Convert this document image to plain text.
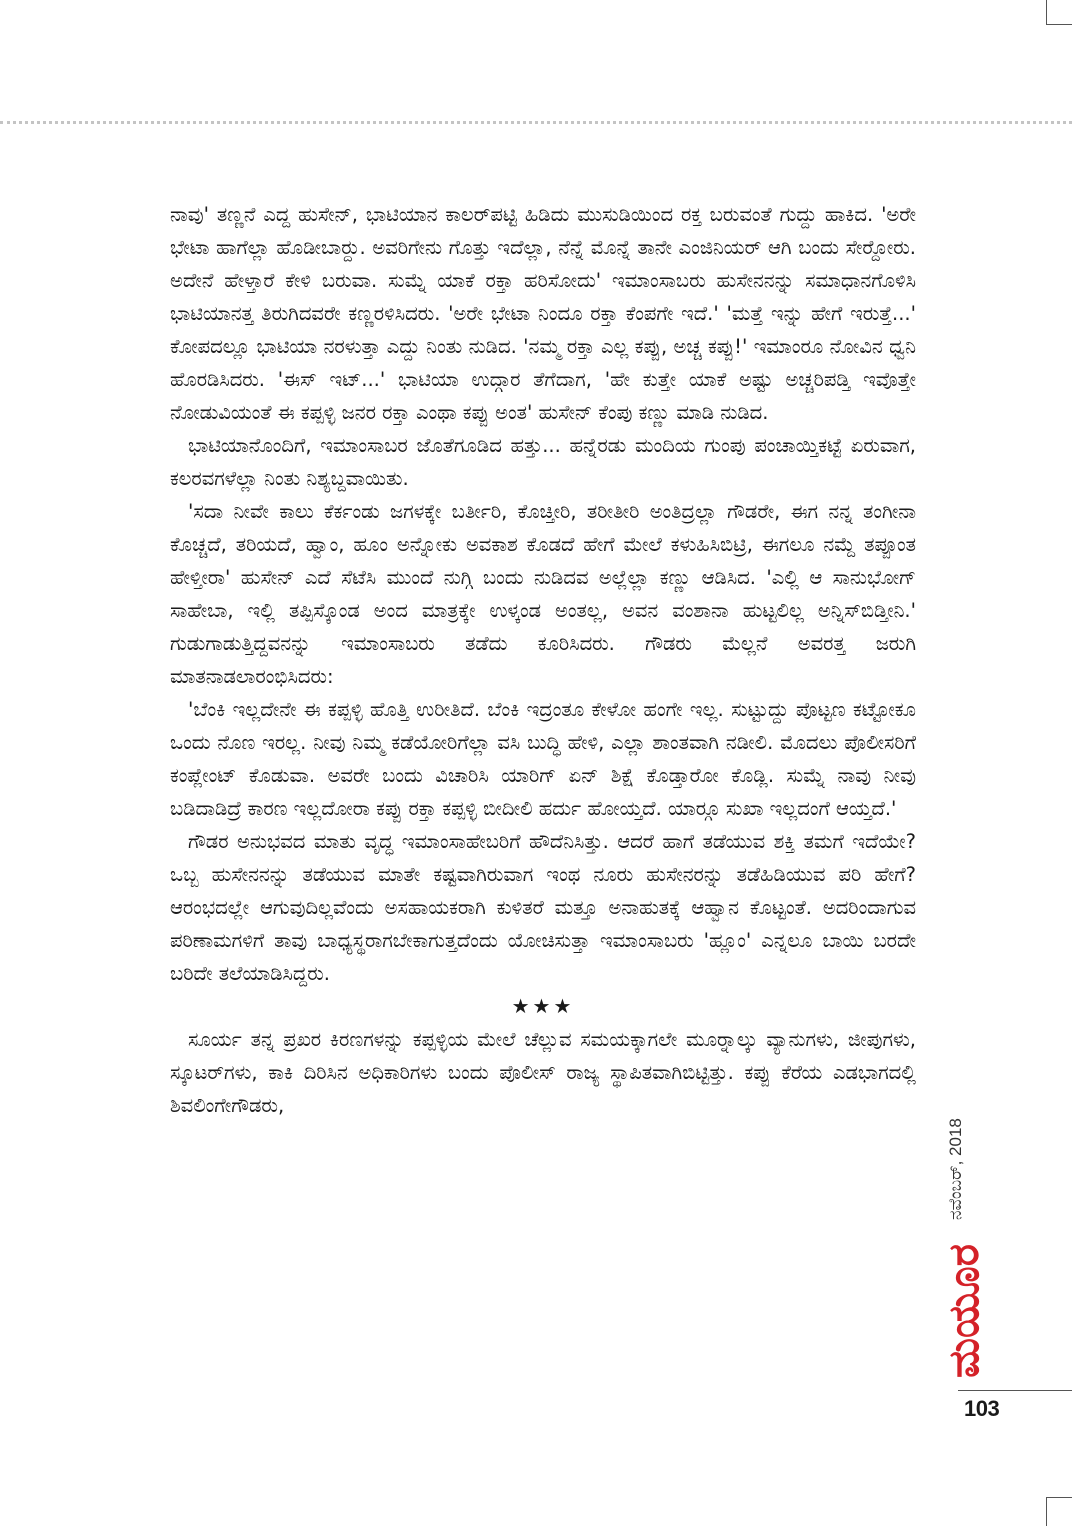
ನಾವು' ತಣ್ಣನೆ ಎದ್ದ ಹುಸೇನ್, ಭಾಟಿಯಾನ ಕಾಲರ್‌ಪಟ್ಟಿ ಹಿಡಿದು ಮುಸುಡಿಯಿಂದ ರಕ್ತ ಬರುವಂತೆ ಗುದ್ದು ಹಾಕಿದ. 'ಅರೇ ಭೇಟಾ ಹಾಗೆಲ್ಲಾ ಹೊಡೀಬಾರ್‍ದು. ಅವರಿಗೇನು ಗೊತ್ತು ಇದೆಲ್ಲಾ, ನೆನ್ನೆ ಮೊನ್ನೆ ತಾನೇ ಎಂಜಿನಿಯರ್ ಆಗಿ ಬಂದು ಸೇರ್‍ದೋರು. ಅದೇನೆ ಹೇಳ್ತಾರೆ ಕೇಳಿ ಬರುವಾ. ಸುಮ್ನೆ ಯಾಕೆ ರಕ್ತಾ ಹರಿಸೋದು' ಇಮಾಂಸಾಬರು ಹುಸೇನನನ್ನು ಸಮಾಧಾನಗೊಳಿಸಿ ಭಾಟಿಯಾನತ್ತ ತಿರುಗಿದವರೇ ಕಣ್ಣರಳಿಸಿದರು. 'ಅರೇ ಭೇಟಾ ನಿಂದೂ ರಕ್ತಾ ಕೆಂಪಗೇ ಇದೆ.' 'ಮತ್ತೆ ಇನ್ನು ಹೇಗೆ ಇರುತ್ತೆ...' ಕೋಪದಲ್ಲೂ ಭಾಟಿಯಾ ನರಳುತ್ತಾ ಎದ್ದು ನಿಂತು ನುಡಿದ. 'ನಮ್ಮ ರಕ್ತಾ ಎಲ್ಲ ಕಪ್ಪು, ಅಚ್ಚ ಕಪ್ಪು!' ಇಮಾಂರೂ ನೋವಿನ ಧ್ವನಿ ಹೊರಡಿಸಿದರು. 'ಈಸ್ ಇಟ್...' ಭಾಟಿಯಾ ಉದ್ಗಾರ ತೆಗೆದಾಗ, 'ಹೇ ಕುತ್ತೇ ಯಾಕೆ ಅಷ್ಟು ಅಚ್ಚರಿಪಡ್ತಿ ಇವೊತ್ತೇ ನೋಡುವಿಯಂತೆ ಈ ಕಪ್ಪಳ್ಳಿ ಜನರ ರಕ್ತಾ ಎಂಥಾ ಕಪ್ಪು ಅಂತ' ಹುಸೇನ್ ಕೆಂಪು ಕಣ್ಣು ಮಾಡಿ ನುಡಿದ.

ಭಾಟಿಯಾನೊಂದಿಗೆ, ಇಮಾಂಸಾಬರ ಜೊತೆಗೂಡಿದ ಹತ್ತು... ಹನ್ನೆರಡು ಮಂದಿಯ ಗುಂಪು ಪಂಚಾಯ್ತಿಕಟ್ಟೆ ಏರುವಾಗ, ಕಲರವಗಳೆಲ್ಲಾ ನಿಂತು ನಿಶ್ಯಬ್ದವಾಯಿತು.

'ಸದಾ ನೀವೇ ಕಾಲು ಕೆರ್ಕಂಡು ಜಗಳಕ್ಕೇ ಬರ್ತೀರಿ, ಕೊಚ್ತೀರಿ, ತರೀತೀರಿ ಅಂತಿದ್ರಲ್ಲಾ ಗೌಡರೇ, ಈಗ ನನ್ನ ತಂಗೀನಾ ಕೊಚ್ಚದೆ, ತರಿಯದೆ, ಹ್ವಾಂ, ಹೂಂ ಅನ್ನೋಕು ಅವಕಾಶ ಕೊಡದೆ ಹೇಗೆ ಮೇಲೆ ಕಳುಹಿಸಿಬಿಟ್ರಿ, ಈಗಲೂ ನಮ್ದೆ ತಪ್ಪೂಂತ ಹೇಳ್ತೀರಾ' ಹುಸೇನ್ ಎದೆ ಸೆಟೆಸಿ ಮುಂದೆ ನುಗ್ಗಿ ಬಂದು ನುಡಿದವ ಅಲ್ಲೆಲ್ಲಾ ಕಣ್ಣು ಆಡಿಸಿದ. 'ಎಲ್ಲಿ ಆ ಸಾನುಭೋಗ್ ಸಾಹೇಬಾ, ಇಲ್ಲಿ ತಪ್ಪಿಸ್ಕೊಂಡ ಅಂದ ಮಾತ್ರಕ್ಕೇ ಉಳ್ಕಂಡ ಅಂತಲ್ಲ, ಅವನ ವಂಶಾನಾ ಹುಟ್ಟಲಿಲ್ಲ ಅನ್ನಿಸ್‌ಬಿಡ್ತೀನಿ.' ಗುಡುಗಾಡುತ್ತಿದ್ದವನನ್ನು ಇಮಾಂಸಾಬರು ತಡೆದು ಕೂರಿಸಿದರು. ಗೌಡರು ಮೆಲ್ಲನೆ ಅವರತ್ತ ಜರುಗಿ ಮಾತನಾಡಲಾರಂಭಿಸಿದರು:

'ಬೆಂಕಿ ಇಲ್ಲದೇನೇ ಈ ಕಪ್ಪಳ್ಳಿ ಹೊತ್ತಿ ಉರೀತಿದೆ. ಬೆಂಕಿ ಇದ್ರಂತೂ ಕೇಳೋ ಹಂಗೇ ಇಲ್ಲ. ಸುಟ್ಟುದ್ದು ಪೊಟ್ಟಣ ಕಟ್ಟೋಕೂ ಒಂದು ನೊಣ ಇರಲ್ಲ. ನೀವು ನಿಮ್ಮ ಕಡೆಯೋರಿಗೆಲ್ಲಾ ವಸಿ ಬುದ್ಧಿ ಹೇಳಿ, ಎಲ್ಲಾ ಶಾಂತವಾಗಿ ನಡೀಲಿ. ಮೊದಲು ಪೊಲೀಸರಿಗೆ ಕಂಪ್ಲೇಂಟ್ ಕೊಡುವಾ. ಅವರೇ ಬಂದು ವಿಚಾರಿಸಿ ಯಾರಿಗ್ ಏನ್ ಶಿಕ್ಷೆ ಕೊಡ್ತಾರೋ ಕೊಡ್ಲಿ. ಸುಮ್ನೆ ನಾವು ನೀವು ಬಡಿದಾಡಿದ್ರೆ ಕಾರಣ ಇಲ್ಲದೋರಾ ಕಪ್ಪು ರಕ್ತಾ ಕಪ್ಪಳ್ಳಿ ಬೀದೀಲಿ ಹರ್ದು ಹೋಯ್ತದೆ. ಯಾರ್‍ಗೂ ಸುಖಾ ಇಲ್ಲದಂಗೆ ಆಯ್ತದೆ.'

ಗೌಡರ ಅನುಭವದ ಮಾತು ವೃದ್ಧ ಇಮಾಂಸಾಹೇಬರಿಗೆ ಹೌದೆನಿಸಿತ್ತು. ಆದರೆ ಹಾಗೆ ತಡೆಯುವ ಶಕ್ತಿ ತಮಗೆ ಇದೆಯೇ? ಒಬ್ಬ ಹುಸೇನನನ್ನು ತಡೆಯುವ ಮಾತೇ ಕಷ್ಟವಾಗಿರುವಾಗ ಇಂಥ ನೂರು ಹುಸೇನರನ್ನು ತಡೆಹಿಡಿಯುವ ಪರಿ ಹೇಗೆ? ಆರಂಭದಲ್ಲೇ ಆಗುವುದಿಲ್ಲವೆಂದು ಅಸಹಾಯಕರಾಗಿ ಕುಳಿತರೆ ಮತ್ತೂ ಅನಾಹುತಕ್ಕೆ ಆಹ್ವಾನ ಕೊಟ್ಟಂತೆ. ಅದರಿಂದಾಗುವ ಪರಿಣಾಮಗಳಿಗೆ ತಾವು ಬಾಧ್ಯಸ್ಥರಾಗಬೇಕಾಗುತ್ತದೆಂದು ಯೋಚಿಸುತ್ತಾ ಇಮಾಂಸಾಬರು 'ಹ್ಲೂಂ' ಎನ್ನಲೂ ಬಾಯಿ ಬರದೇ ಬರಿದೇ ತಲೆಯಾಡಿಸಿದ್ದರು.

★★★

ಸೂರ್ಯ ತನ್ನ ಪ್ರಖರ ಕಿರಣಗಳನ್ನು ಕಪ್ಪಳ್ಳಿಯ ಮೇಲೆ ಚೆಲ್ಲುವ ಸಮಯಕ್ಕಾಗಲೇ ಮೂರ್‍ನಾಲ್ಕು ವ್ಯಾನುಗಳು, ಜೀಪುಗಳು, ಸ್ಕೂಟರ್‌ಗಳು, ಕಾಕಿ ದಿರಿಸಿನ ಅಧಿಕಾರಿಗಳು ಬಂದು ಪೊಲೀಸ್ ರಾಜ್ಯ ಸ್ಥಾಪಿತವಾಗಿಬಿಟ್ಟಿತ್ತು. ಕಪ್ಪು ಕೆರೆಯ ಎಡಭಾಗದಲ್ಲಿ ಶಿವಲಿಂಗೇಗೌಡರು,

ನವೆಂಬರ್, 2018
ಮಯೂರ
103
